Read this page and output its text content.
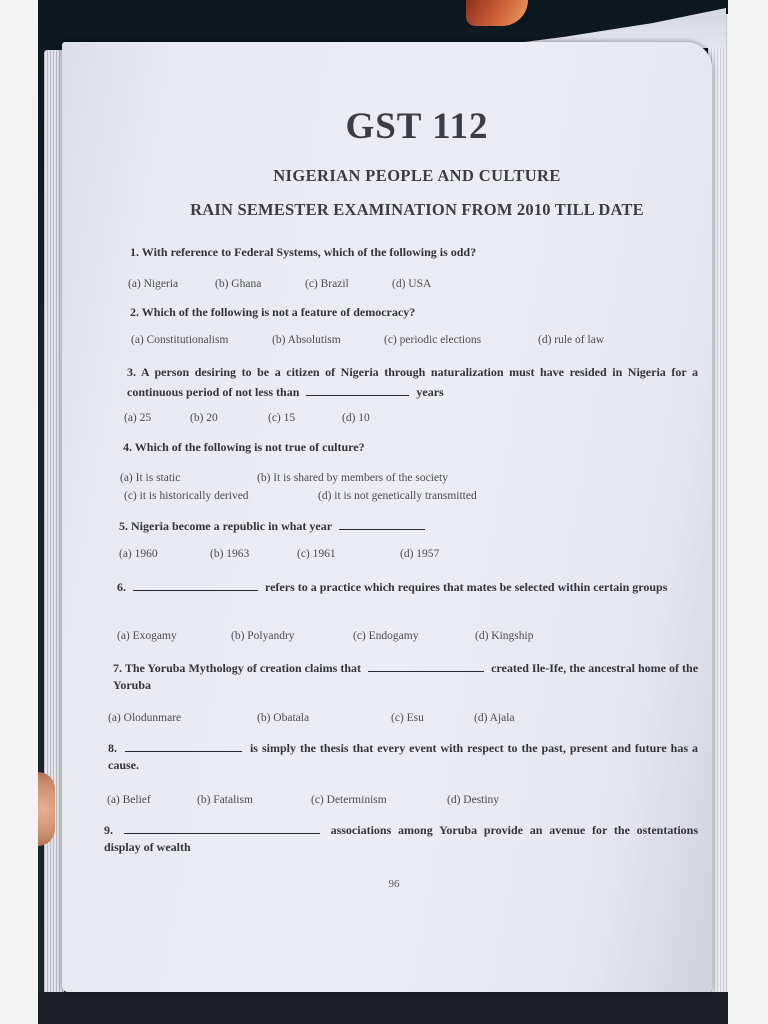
GST 112
NIGERIAN PEOPLE AND CULTURE
RAIN SEMESTER EXAMINATION FROM 2010 TILL DATE
1. With reference to Federal Systems, which of the following is odd?
(a) Nigeria	(b) Ghana	(c) Brazil	(d) USA
2. Which of the following is not a feature of democracy?
(a) Constitutionalism	(b) Absolutism	(c) periodic elections	(d) rule of law
3. A person desiring to be a citizen of Nigeria through naturalization must have resided in Nigeria for a continuous period of not less than	years
(a) 25	(b) 20	(c) 15	(d) 10
4. Which of the following is not true of culture?
(a) It is static	(b) It is shared by members of the society
(c) it is historically derived	(d) it is not genetically transmitted
5. Nigeria become a republic in what year
(a) 1960	(b) 1963	(c) 1961	(d) 1957
6.	refers to a practice which requires that mates be selected within certain groups
(a) Exogamy	(b) Polyandry	(c) Endogamy	(d) Kingship
7. The Yoruba Mythology of creation claims that	created Ile-Ife, the ancestral home of the Yoruba
(a) Olodunmare	(b) Obatala	(c) Esu	(d) Ajala
8.	is simply the thesis that every event with respect to the past, present and future has a cause.
(a) Belief	(b) Fatalism	(c) Determinism	(d) Destiny
9.	associations among Yoruba provide an avenue for the ostentations display of wealth
96
